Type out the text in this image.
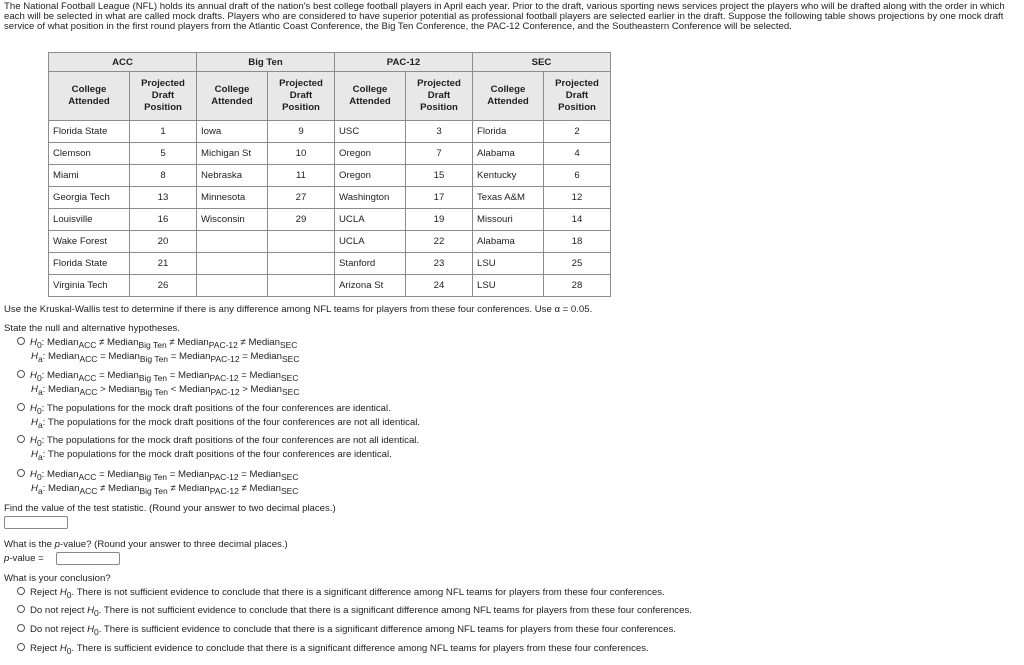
The National Football League (NFL) holds its annual draft of the nation's best college football players in April each year. Prior to the draft, various sporting news services project the players who will be drafted along with the order in which each will be selected in what are called mock drafts. Players who are considered to have superior potential as professional football players are selected earlier in the draft. Suppose the following table shows projections by one mock draft service of what position in the first round players from the Atlantic Coast Conference, the Big Ten Conference, the PAC-12 Conference, and the Southeastern Conference will be selected.
ACC		Big Ten		PAC-12		SEC	
College Attended	Projected Draft Position	College Attended	Projected Draft Position	College Attended	Projected Draft Position	College Attended	Projected Draft Position
Florida State	1	Iowa	9	USC	3	Florida	2
Clemson	5	Michigan St	10	Oregon	7	Alabama	4
Miami	8	Nebraska	11	Oregon	15	Kentucky	6
Georgia Tech	13	Minnesota	27	Washington	17	Texas A&M	12
Louisville	16	Wisconsin	29	UCLA	19	Missouri	14
Wake Forest	20			UCLA	22	Alabama	18
Florida State	21			Stanford	23	LSU	25
Virginia Tech	26			Arizona St	24	LSU	28
Use the Kruskal-Wallis test to determine if there is any difference among NFL teams for players from these four conferences. Use α = 0.05.
State the null and alternative hypotheses.
$H_0$: Median$_{ACC}$ ≠ Median$_{Big Ten}$ ≠ Median$_{PAC-12}$ ≠ Median$_{SEC}$
$H_a$: Median$_{ACC}$ = Median$_{Big Ten}$ = Median$_{PAC-12}$ = Median$_{SEC}$
$H_0$: Median$_{ACC}$ = Median$_{Big Ten}$ = Median$_{PAC-12}$ = Median$_{SEC}$
$H_a$: Median$_{ACC}$ > Median$_{Big Ten}$ < Median$_{PAC-12}$ > Median$_{SEC}$
$H_0$: The populations for the mock draft positions of the four conferences are identical.
$H_a$: The populations for the mock draft positions of the four conferences are not all identical.
$H_0$: The populations for the mock draft positions of the four conferences are not all identical.
$H_a$: The populations for the mock draft positions of the four conferences are identical.
$H_0$: Median$_{ACC}$ = Median$_{Big Ten}$ = Median$_{PAC-12}$ = Median$_{SEC}$
$H_a$: Median$_{ACC}$ ≠ Median$_{Big Ten}$ ≠ Median$_{PAC-12}$ ≠ Median$_{SEC}$
Find the value of the test statistic. (Round your answer to two decimal places.)
What is the p-value? (Round your answer to three decimal places.)
p-value =
What is your conclusion?
Reject $H_0$. There is not sufficient evidence to conclude that there is a significant difference among NFL teams for players from these four conferences.
Do not reject $H_0$. There is not sufficient evidence to conclude that there is a significant difference among NFL teams for players from these four conferences.
Do not reject $H_0$. There is sufficient evidence to conclude that there is a significant difference among NFL teams for players from these four conferences.
Reject $H_0$. There is sufficient evidence to conclude that there is a significant difference among NFL teams for players from these four conferences.
